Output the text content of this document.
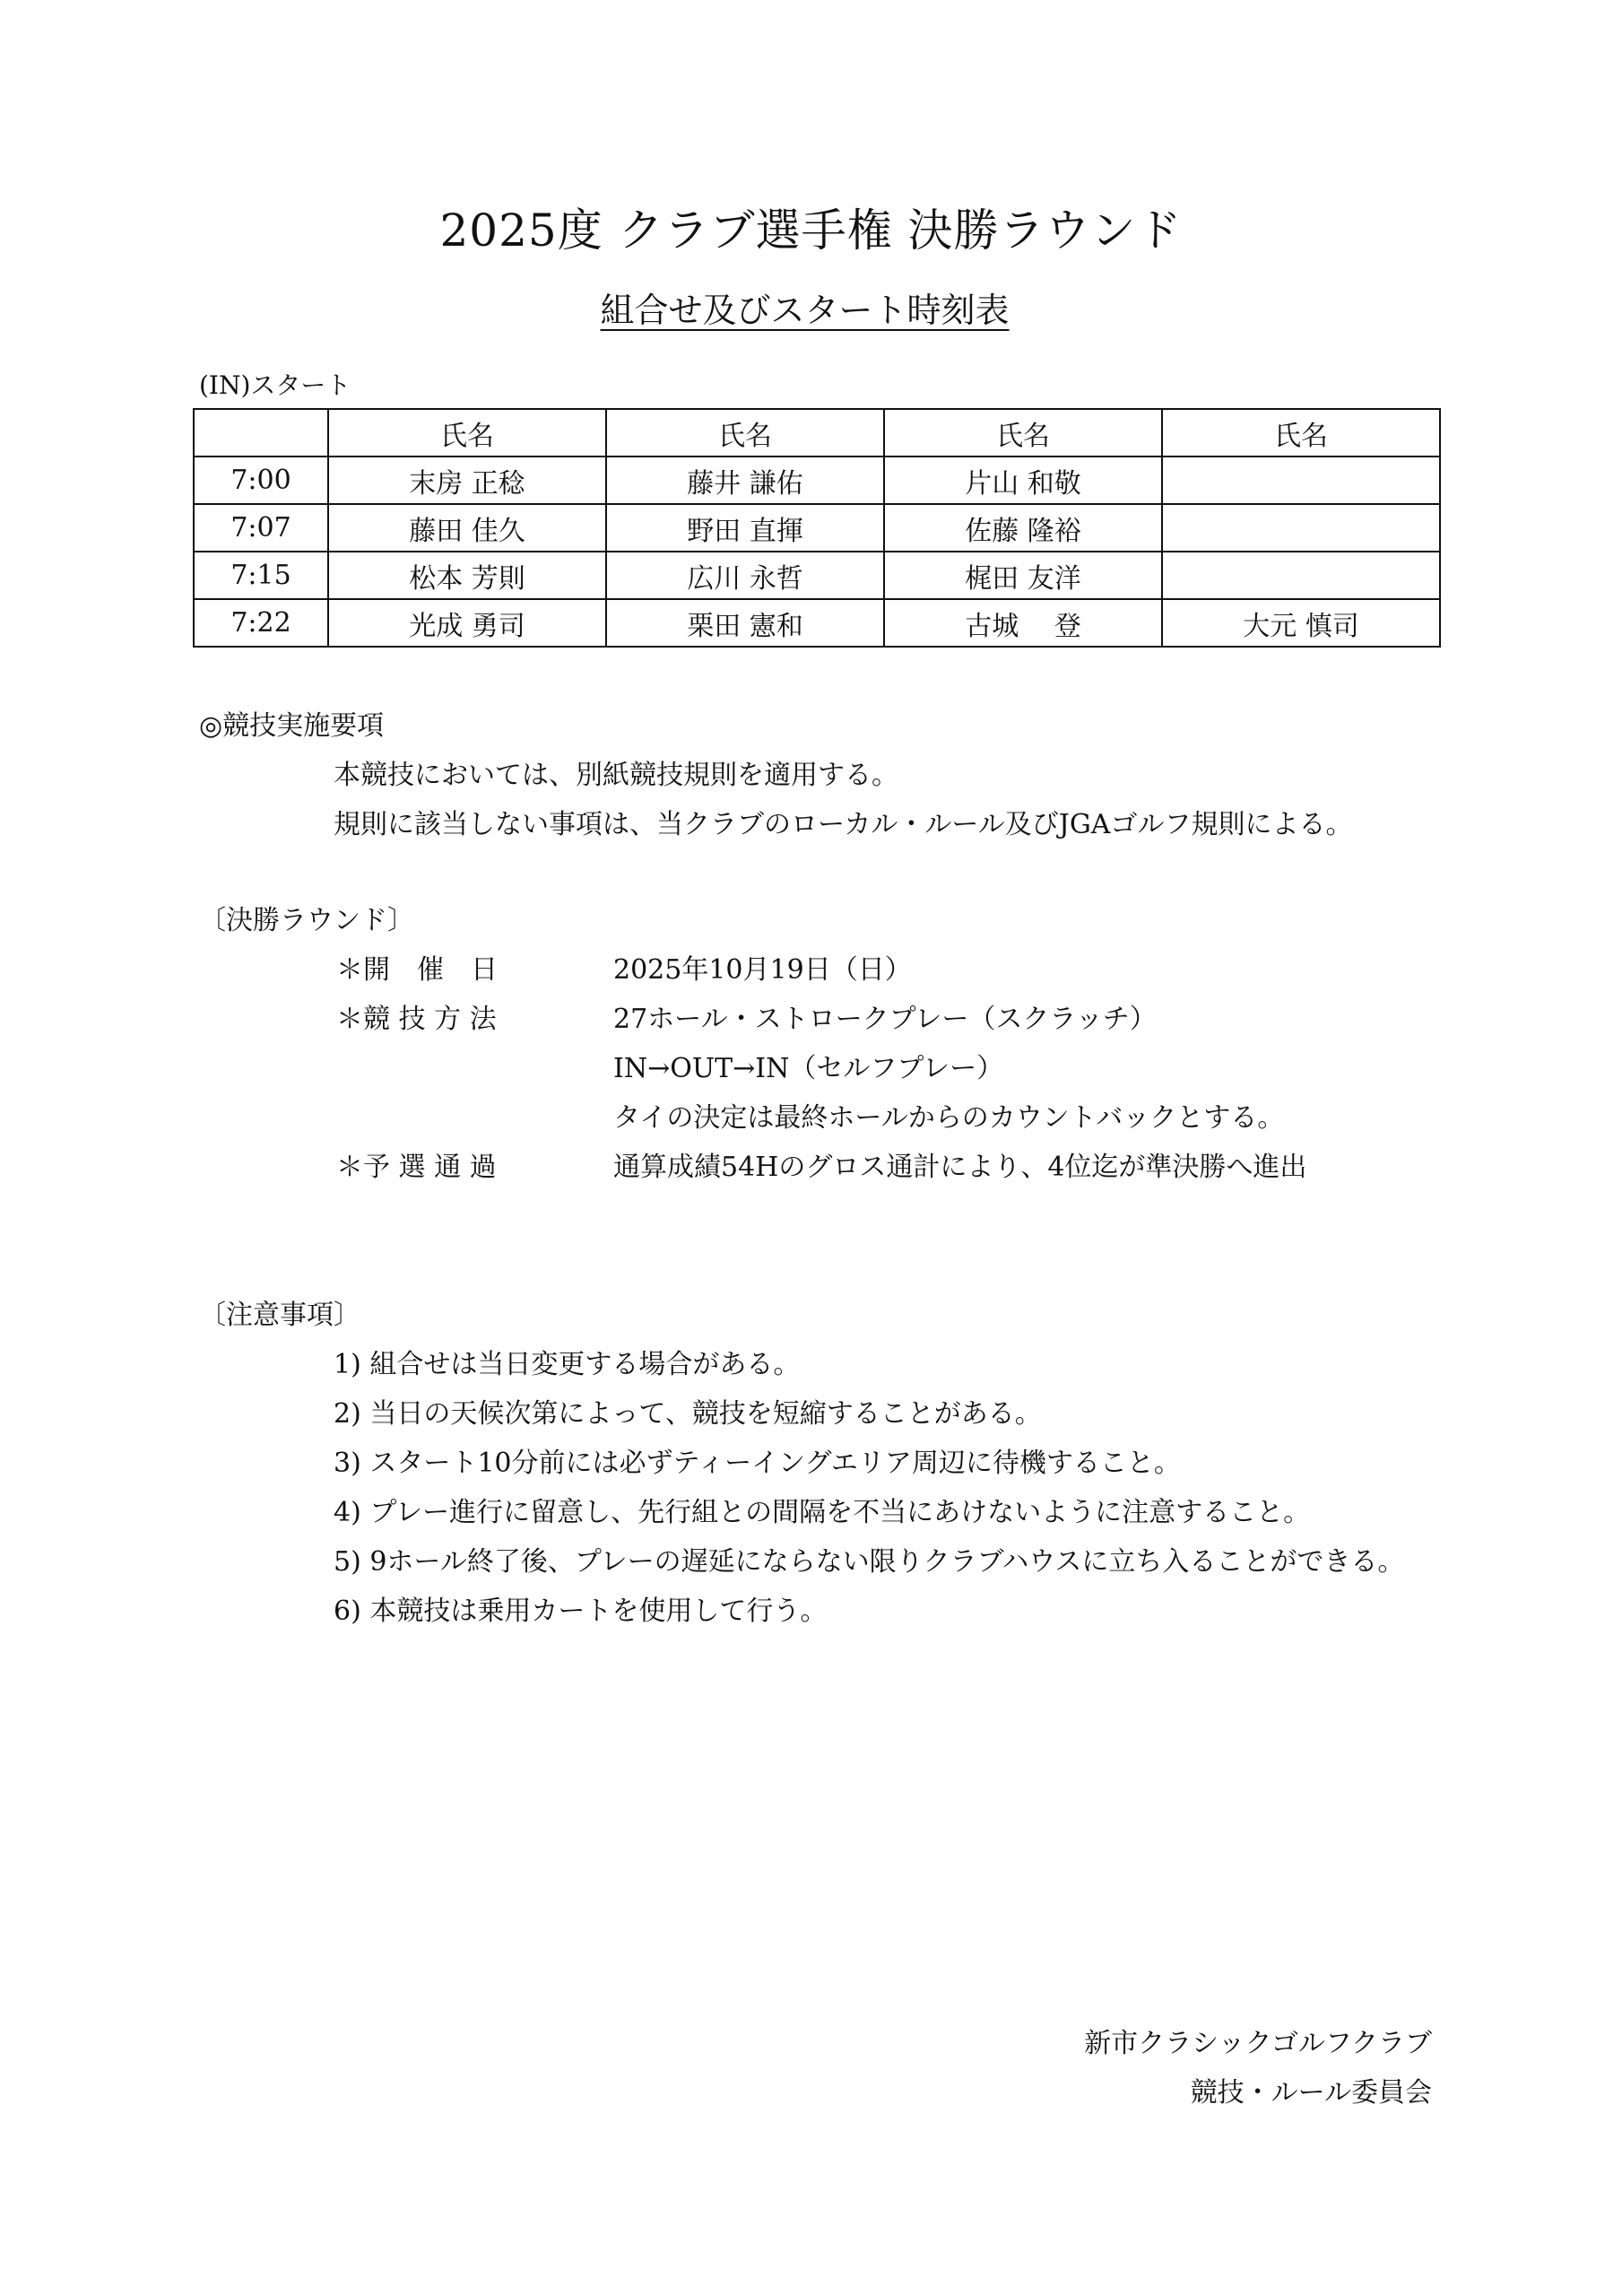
2025度 クラブ選手権 決勝ラウンド
組合せ及びスタート時刻表
(IN)スタート
	氏名	氏名	氏名	氏名
7:00	末房 正稔	藤井 謙佑	片山 和敬	
7:07	藤田 佳久	野田 直揮	佐藤 隆裕	
7:15	松本 芳則	広川 永哲	梶田 友洋	
7:22	光成 勇司	栗田 憲和	古城　 登	大元 慎司
◎競技実施要項
本競技においては、別紙競技規則を適用する。
規則に該当しない事項は、当クラブのローカル・ルール及びJGAゴルフ規則による。
〔決勝ラウンド〕
＊開　催　日	2025年10月19日（日）
＊競 技 方 法	27ホール・ストロークプレー（スクラッチ）
IN→OUT→IN（セルフプレー）
タイの決定は最終ホールからのカウントバックとする。
＊予 選 通 過	通算成績54Hのグロス通計により、4位迄が準決勝へ進出
〔注意事項〕
1) 組合せは当日変更する場合がある。
2) 当日の天候次第によって、競技を短縮することがある。
3) スタート10分前には必ずティーイングエリア周辺に待機すること。
4) プレー進行に留意し、先行組との間隔を不当にあけないように注意すること。
5) 9ホール終了後、プレーの遅延にならない限りクラブハウスに立ち入ることができる。
6) 本競技は乗用カートを使用して行う。
新市クラシックゴルフクラブ
競技・ルール委員会
